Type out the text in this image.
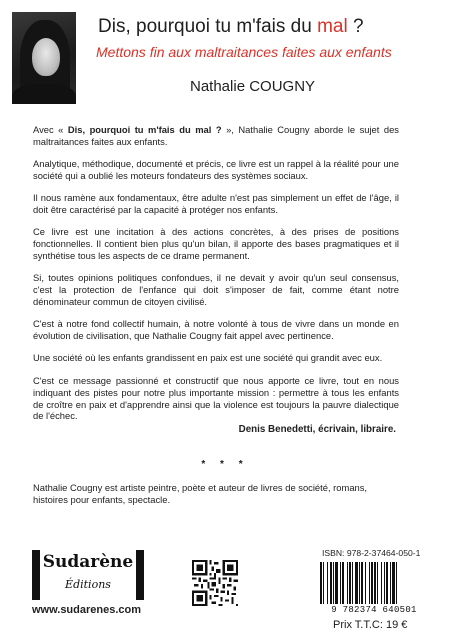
Dis, pourquoi tu m'fais du mal ?
Mettons fin aux maltraitances faites aux enfants
Nathalie COUGNY
Avec « Dis, pourquoi tu m'fais du mal ? », Nathalie Cougny aborde le sujet des maltraitances faites aux enfants.
Analytique, méthodique, documenté et précis, ce livre est un rappel à la réalité pour une société qui a oublié les moteurs fondateurs des systèmes sociaux.
Il nous ramène aux fondamentaux, être adulte n'est pas simplement un effet de l'âge, il doit être caractérisé par la capacité à protéger nos enfants.
Ce livre est une incitation à des actions concrètes, à des prises de positions fonctionnelles. Il contient bien plus qu'un bilan, il apporte des bases pragmatiques et il synthétise tous les aspects de ce drame permanent.
Si, toutes opinions politiques confondues, il ne devait y avoir qu'un seul consensus, c'est la protection de l'enfance qui doit s'imposer de fait, comme étant notre dénominateur commun de citoyen civilisé.
C'est à notre fond collectif humain, à notre volonté à tous de vivre dans un monde en évolution de civilisation, que Nathalie Cougny fait appel avec pertinence.
Une société où les enfants grandissent en paix est une société qui grandit avec eux.
C'est ce message passionné et constructif que nous apporte ce livre, tout en nous indiquant des pistes pour notre plus importante mission : permettre à tous les enfants de croître en paix et d'apprendre ainsi que la violence est toujours la pauvre dialectique de l'échec.
Denis Benedetti, écrivain, libraire.
* * *
Nathalie Cougny est artiste peintre, poète et auteur de livres de société, romans, histoires pour enfants, spectacle.
Sudarène
Éditions
www.sudarenes.com
ISBN: 978-2-37464-050-1
9 782374 640501
Prix T.T.C: 19 €
